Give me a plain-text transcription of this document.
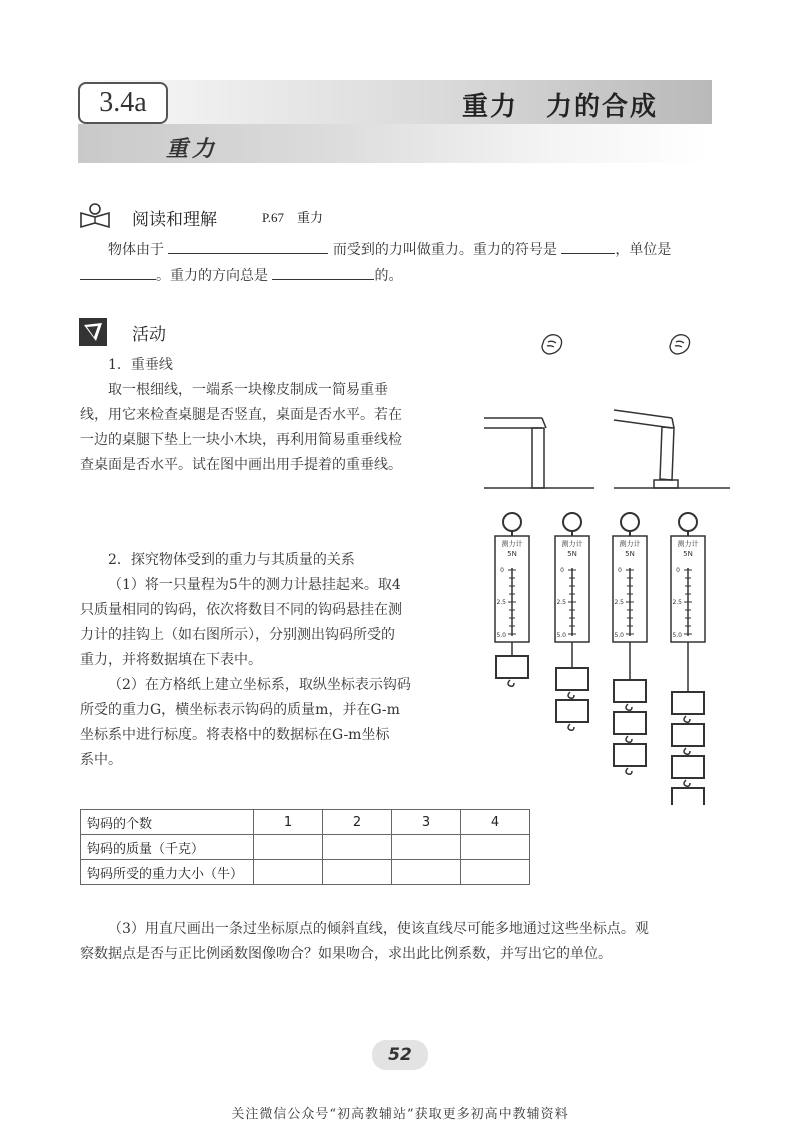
3.4a	重力　力的合成
重力
阅读和理解	P.67　重力
物体由于	而受到的力叫做重力。重力的符号是	，单位是
。重力的方向总是	的。
活动
1．重垂线
取一根细线，一端系一块橡皮制成一简易重垂
线，用它来检查桌腿是否竖直，桌面是否水平。若在
一边的桌腿下垫上一块小木块，再利用简易重垂线检
查桌面是否水平。试在图中画出用手提着的重垂线。
2．探究物体受到的重力与其质量的关系
（1）将一只量程为5牛的测力计悬挂起来。取4
只质量相同的钩码，依次将数目不同的钩码悬挂在测
力计的挂钩上（如右图所示），分别测出钩码所受的
重力，并将数据填在下表中。
（2）在方格纸上建立坐标系，取纵坐标表示钩码
所受的重力G，横坐标表示钩码的质量m，并在G-m
坐标系中进行标度。将表格中的数据标在G-m坐标
系中。
测力计
5N
0
2.5
5.0
测力计
5N
0
2.5
5.0
测力计
5N
0
2.5
5.0
测力计
5N
0
2.5
5.0
钩码的个数	1	2	3	4
钩码的质量（千克）				
钩码所受的重力大小（牛）				
（3）用直尺画出一条过坐标原点的倾斜直线，使该直线尽可能多地通过这些坐标点。观
察数据点是否与正比例函数图像吻合？如果吻合，求出此比例系数，并写出它的单位。
52
关注微信公众号“初高教辅站”获取更多初高中教辅资料
